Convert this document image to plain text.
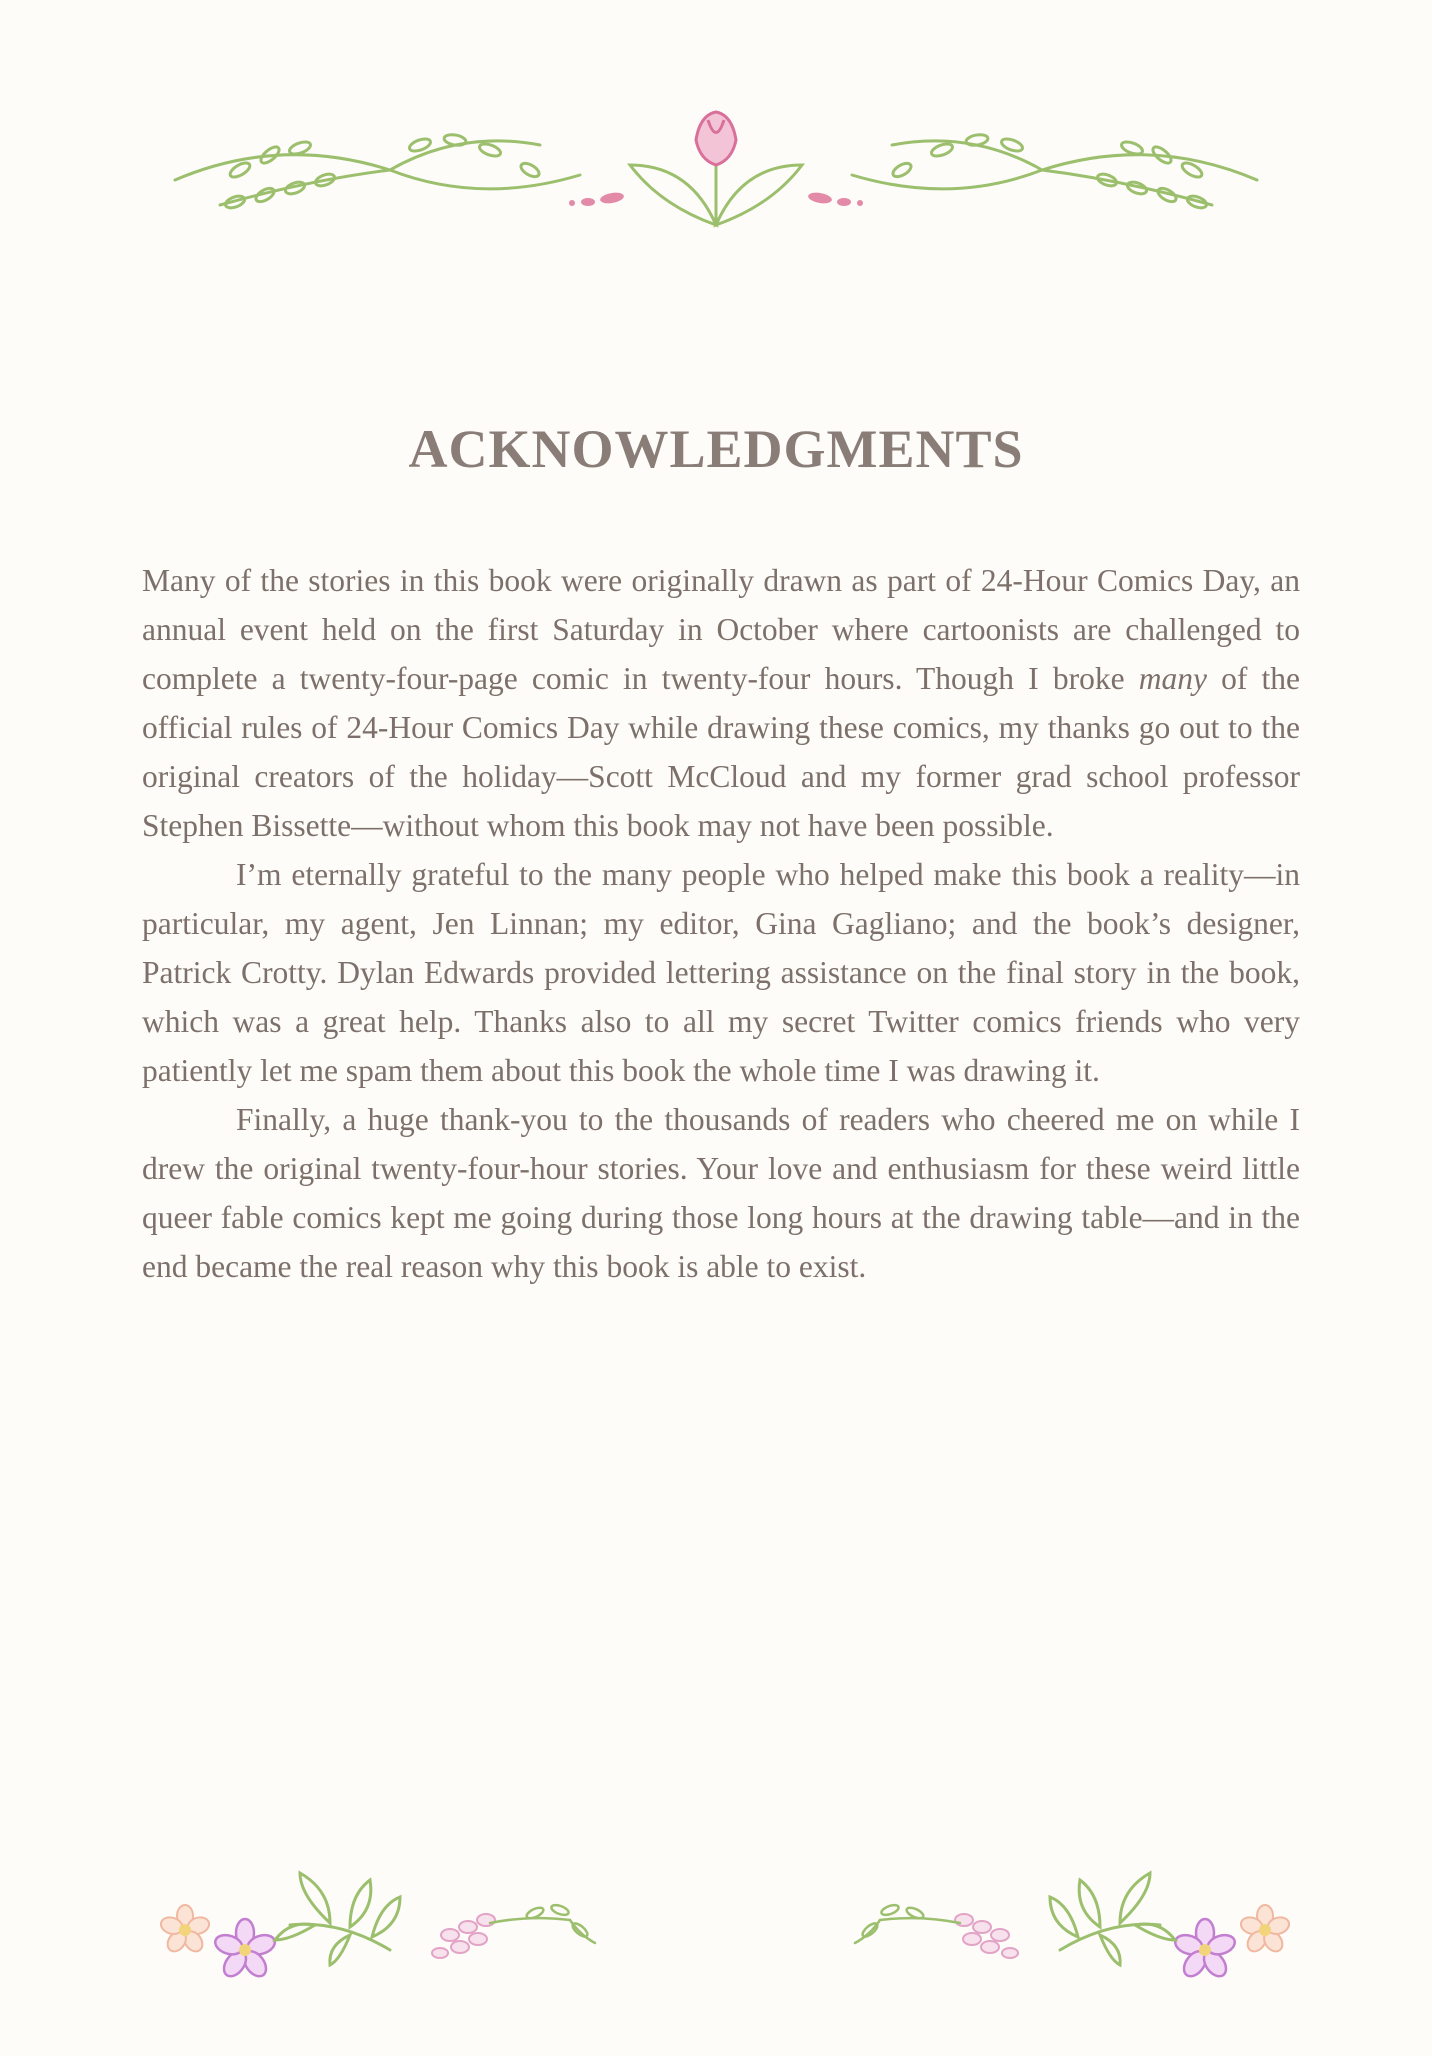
ACKNOWLEDGMENTS

Many of the stories in this book were originally drawn as part of 24-Hour Comics Day, an annual event held on the first Saturday in October where cartoonists are challenged to complete a twenty-four-page comic in twenty-four hours. Though I broke many of the official rules of 24-Hour Comics Day while drawing these comics, my thanks go out to the original creators of the holiday—Scott McCloud and my former grad school professor Stephen Bissette—without whom this book may not have been possible.

I’m eternally grateful to the many people who helped make this book a reality—in particular, my agent, Jen Linnan; my editor, Gina Gagliano; and the book’s designer, Patrick Crotty. Dylan Edwards provided lettering assistance on the final story in the book, which was a great help. Thanks also to all my secret Twitter comics friends who very patiently let me spam them about this book the whole time I was drawing it.

Finally, a huge thank-you to the thousands of readers who cheered me on while I drew the original twenty-four-hour stories. Your love and enthusiasm for these weird little queer fable comics kept me going during those long hours at the drawing table—and in the end became the real reason why this book is able to exist.
